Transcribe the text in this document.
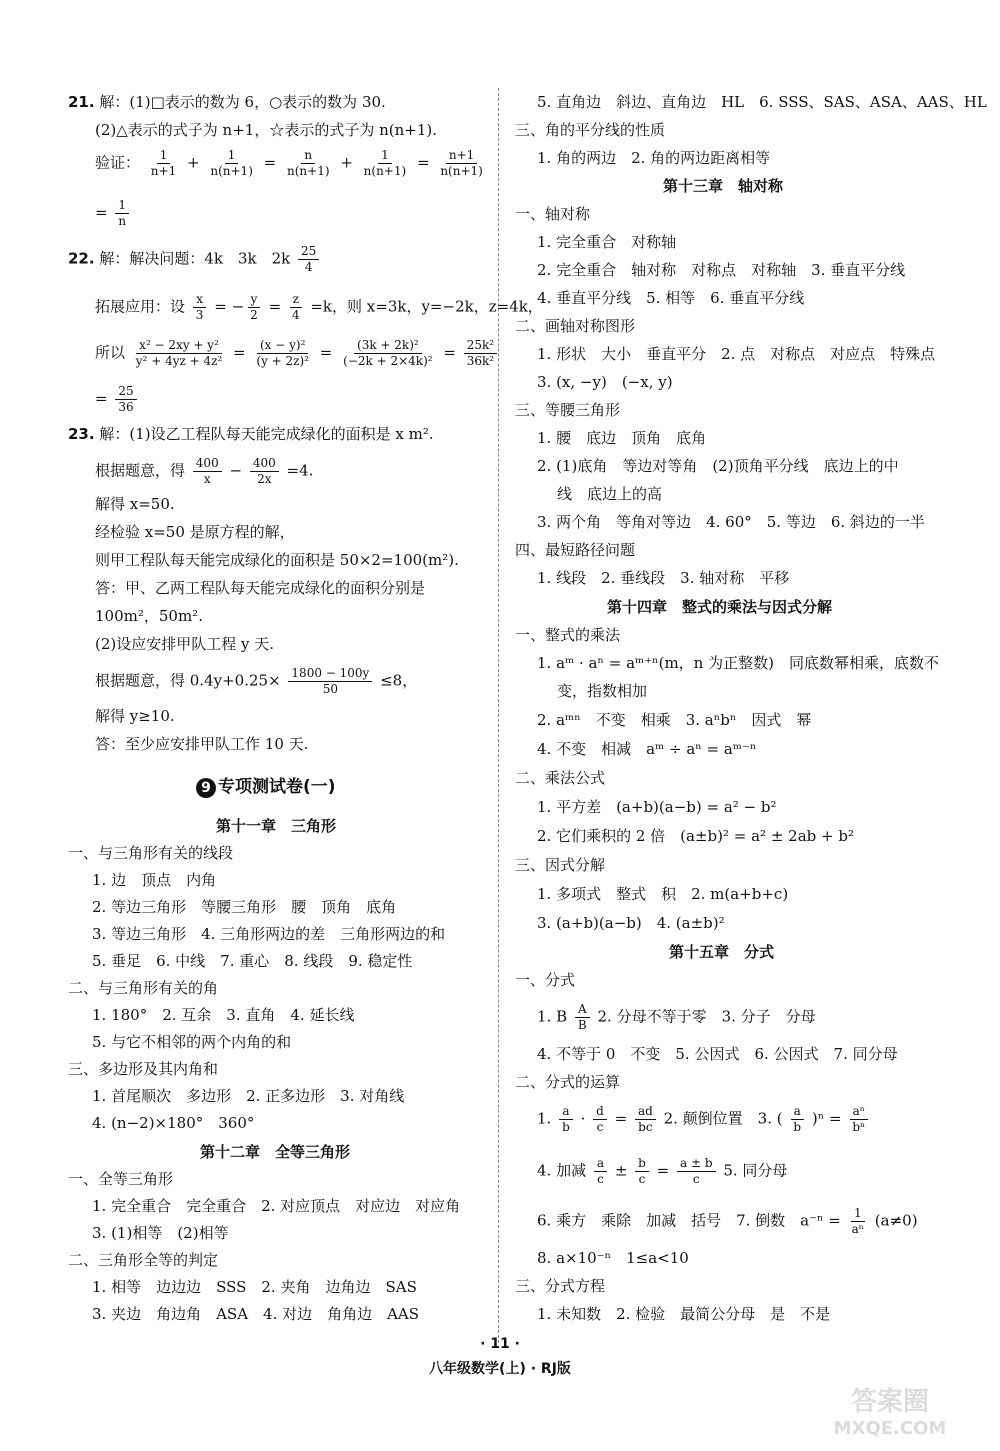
21. 解：(1)□表示的数为 6，○表示的数为 30.
(2)△表示的式子为 n+1，☆表示的式子为 n(n+1).
验证： $\frac{1}{n+1} + \frac{1}{n(n+1)} = \frac{n}{n(n+1)} + \frac{1}{n(n+1)} = \frac{n+1}{n(n+1)}$
= $\frac{1}{n}$
22. 解：解决问题：4k　3k　$2k \frac{25}{4}$
拓展应用：设 $\frac{x}{3}$ = − $\frac{y}{2} = \frac{z}{4} =k$，则 x=3k，y=−2k，z=4k，
所以 $\frac{\text{x² − 2xy + y²}}{\text{y² + 4yz + 4z²}} = \frac{\text{(x − y)²}}{\text{(y + 2z)²}} = \frac{\text{(3k + 2k)²}}{\text{(−2k + 2×4k)²}} = \frac{\text{25k²}}{\text{36k²}}$
= $\frac{25}{36}$
23. 解：(1)设乙工程队每天能完成绿化的面积是 x m².
根据题意，得 $\frac{400}{x} - \frac{400}{2x} =4$.
解得 x=50.
经检验 x=50 是原方程的解，
则甲工程队每天能完成绿化的面积是 50×2=100(m²).
答：甲、乙两工程队每天能完成绿化的面积分别是
100m²，50m².
(2)设应安排甲队工程 y 天.
根据题意，得 $0.4y+0.25\times \frac{1800 - 100y}{50} \le 8$，
解得 y≥10.
答：至少应安排甲队工作 10 天.
9 专项测试卷(一)
第十一章　三角形
一、与三角形有关的线段
1. 边　顶点　内角
2. 等边三角形　等腰三角形　腰　顶角　底角
3. 等边三角形　4. 三角形两边的差　三角形两边的和
5. 垂足　6. 中线　7. 重心　8. 线段　9. 稳定性
二、与三角形有关的角
1. 180°　2. 互余　3. 直角　4. 延长线
5. 与它不相邻的两个内角的和
三、多边形及其内角和
1. 首尾顺次　多边形　2. 正多边形　3. 对角线
4. (n−2)×180°　360°
第十二章　全等三角形
一、全等三角形
1. 完全重合　完全重合　2. 对应顶点　对应边　对应角
3. (1)相等　(2)相等
二、三角形全等的判定
1. 相等　边边边　SSS　2. 夹角　边角边　SAS
3. 夹边　角边角　ASA　4. 对边　角角边　AAS
5. 直角边　斜边、直角边　HL　6. SSS、SAS、ASA、AAS、HL
三、角的平分线的性质
1. 角的两边　2. 角的两边距离相等
第十三章　轴对称
一、轴对称
1. 完全重合　对称轴
2. 完全重合　轴对称　对称点　对称轴　3. 垂直平分线
4. 垂直平分线　5. 相等　6. 垂直平分线
二、画轴对称图形
1. 形状　大小　垂直平分　2. 点　对称点　对应点　特殊点
3. (x, −y)　(−x, y)
三、等腰三角形
1. 腰　底边　顶角　底角
2. (1)底角　等边对等角　(2)顶角平分线　底边上的中
线　底边上的高
3. 两个角　等角对等边　4. 60°　5. 等边　6. 斜边的一半
四、最短路径问题
1. 线段　2. 垂线段　3. 轴对称　平移
第十四章　整式的乘法与因式分解
一、整式的乘法
1. aᵐ · aⁿ = aᵐ⁺ⁿ(m，n 为正整数)　同底数幂相乘，底数不
变，指数相加
2. aᵐⁿ　不变　相乘　3. aⁿbⁿ　因式　幂
4. 不变　相减　aᵐ ÷ aⁿ = aᵐ⁻ⁿ
二、乘法公式
1. 平方差　(a+b)(a−b) = a² − b²
2. 它们乘积的 2 倍　(a±b)² = a² ± 2ab + b²
三、因式分解
1. 多项式　整式　积　2. m(a+b+c)
3. (a+b)(a−b)　4. (a±b)²
第十五章　分式
一、分式
1. B $\frac{A}{B} 2$. 分母不等于零　3. 分子　分母
4. 不等于 0　不变　5. 公因式　6. 公因式　7. 同分母
二、分式的运算
1. $\frac{a}{b} \cdot \frac{d}{c} = \frac{ad}{bc} 2$. 颠倒位置　3. ( $\frac{a}{b} )^n = \frac{\text{aⁿ}}{\text{bⁿ}}$
4. 加减 $\frac{a}{c} \pm \frac{b}{c} = \frac{a \pm b}{c} 5$. 同分母
6. 乘方　乘除　加减　括号　7. 倒数　$a^{-n} = \frac{1}{\text{aⁿ}} (a\ne 0)$
8. a×10⁻ⁿ　1≤a<10
三、分式方程
1. 未知数　2. 检验　最简公分母　是　不是
· 11 ·
八年级数学(上) · RJ版
答案圈
MXQE.COM
